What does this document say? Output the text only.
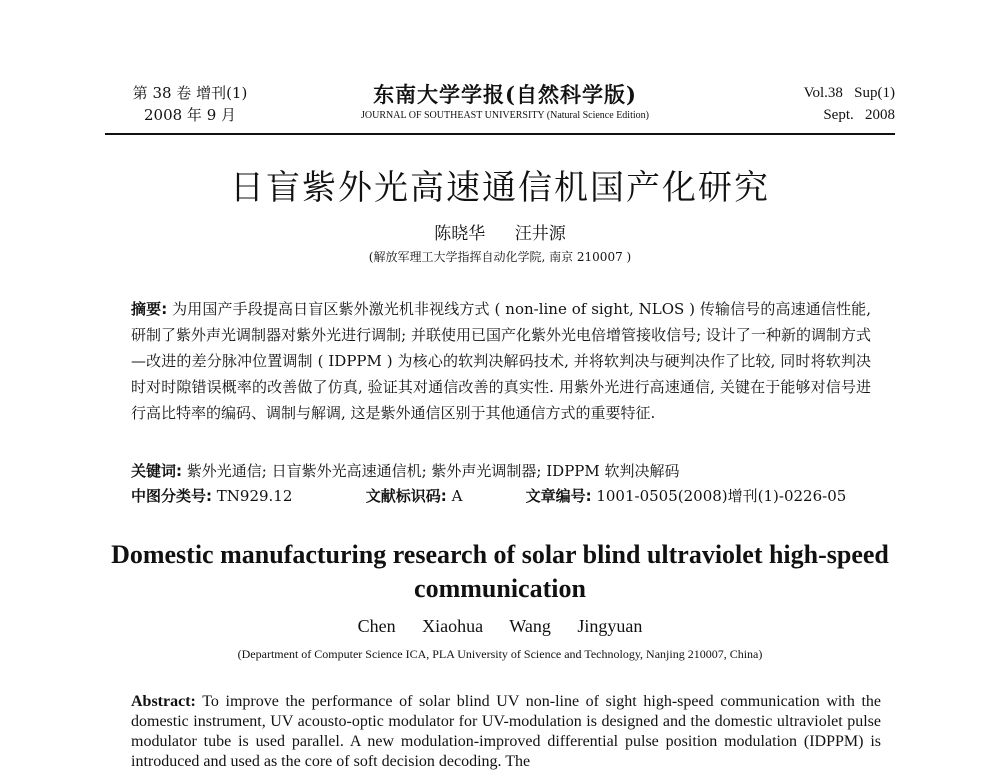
第 38 卷 增刊(1)
2008 年 9 月
东南大学学报(自然科学版)
JOURNAL OF SOUTHEAST UNIVERSITY (Natural Science Edition)
Vol.38   Sup(1)
Sept.   2008
日盲紫外光高速通信机国产化研究
陈晓华 汪井源
(解放军理工大学指挥自动化学院, 南京 210007 )
摘要: 为用国产手段提高日盲区紫外激光机非视线方式 ( non-line of sight, NLOS ) 传输信号的高速通信性能, 研制了紫外声光调制器对紫外光进行调制; 并联使用已国产化紫外光电倍增管接收信号; 设计了一种新的调制方式—改进的差分脉冲位置调制 ( IDPPM ) 为核心的软判决解码技术, 并将软判决与硬判决作了比较, 同时将软判决时对时隙错误概率的改善做了仿真, 验证其对通信改善的真实性. 用紫外光进行高速通信, 关键在于能够对信号进行高比特率的编码、调制与解调, 这是紫外通信区别于其他通信方式的重要特征.
关键词: 紫外光通信; 日盲紫外光高速通信机; 紫外声光调制器; IDPPM 软判决解码
中图分类号: TN929.12	文献标识码: A	文章编号: 1001-0505(2008)增刊(1)-0226-05
Domestic manufacturing research of solar blind ultraviolet high-speed communication
Chen Xiaohua Wang Jingyuan
(Department of Computer Science ICA, PLA University of Science and Technology, Nanjing 210007, China)
Abstract: To improve the performance of solar blind UV non-line of sight high-speed communication with the domestic instrument, UV acousto-optic modulator for UV-modulation is designed and the domestic ultraviolet pulse modulator tube is used parallel. A new modulation-improved differential pulse position modulation (IDPPM) is introduced and used as the core of soft decision decoding. The
